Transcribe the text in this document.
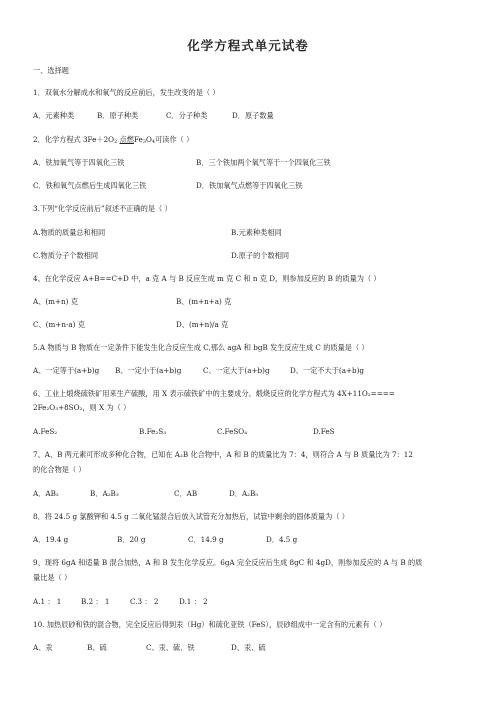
化学方程式单元试卷
一、选择题
1．双氧水分解成水和氧气的反应前后，发生改变的是（ ）
A．元素种类	B．原子种类	C．分子种类	D．原子数量
2．化学方程式 $3Fe+2O_2$ 点燃$Fe_3O_4$可读作（ ）
A．铁加氧气等于四氧化三铁	B．三个铁加两个氧气等于一个四氧化三铁
C．铁和氧气点燃后生成四氧化三铁	D．铁加氧气点燃等于四氧化三铁
3.下列“化学反应前后”叙述不正确的是（ ）
A.物质的质量总和相同	B.元素种类相同
C.物质分子个数相同	D.原子的个数相同
4、在化学反应 A+B==C+D 中，a 克 A 与 B 反应生成 m 克 C 和 n 克 D，则参加反应的 B 的质量为（ ）
A、(m+n) 克	B、(m+n+a) 克
C、(m+n-a) 克	D、(m+n)/a 克
5.A 物质与 B 物质在一定条件下能发生化合反应生成 C,那么 agA 和 bgB 发生反应生成 C 的质量是（ ）
A、一定等于(a+b)g B、一定小于(a+b)g	C、一定大于(a+b)g	D、一定不大于(a+b)g
6、工业上煅烧硫铁矿用来生产硫酸，用 X 表示硫铁矿中的主要成分。煅烧反应的化学方程式为 4X+11O₂====
2Fe₂O₃+8SO₂，则 X 为（ ）
A.FeS₂	B.Fe₂S₃	C.FeSO₄	D.FeS
7、A、B 两元素可形成多种化合物，已知在 A₂B 化合物中，A 和 B 的质量比为 7：4，则符合 A 与 B 质量比为 7：12
的化合物是（ ）
A．AB₂	B．A₂B₃	C．AB	D．A₂B₅
8．将 24.5 g 氯酸钾和 4.5 g 二氧化锰混合后放入试管充分加热后，试管中剩余的固体质量为（ ）
A．19.4 g	B．20 g	C．14.9 g	D．4.5 g
9、现将 6gA 和适量 B 混合加热，A 和 B 发生化学反应。6gA 完全反应后生成 8gC 和 4gD，则参加反应的 A 与 B 的质
量比是（ ）
A.1 ： 1	B.2 ： 1	C.3 ： 2	D.1 ： 2
10. 加热辰砂和铁的混合物，完全反应后得到汞（Hg）和硫化亚铁（FeS），辰砂组成中一定含有的元素有（ ）
A、汞	B、硫	C、汞、硫、铁	D、汞、硫
